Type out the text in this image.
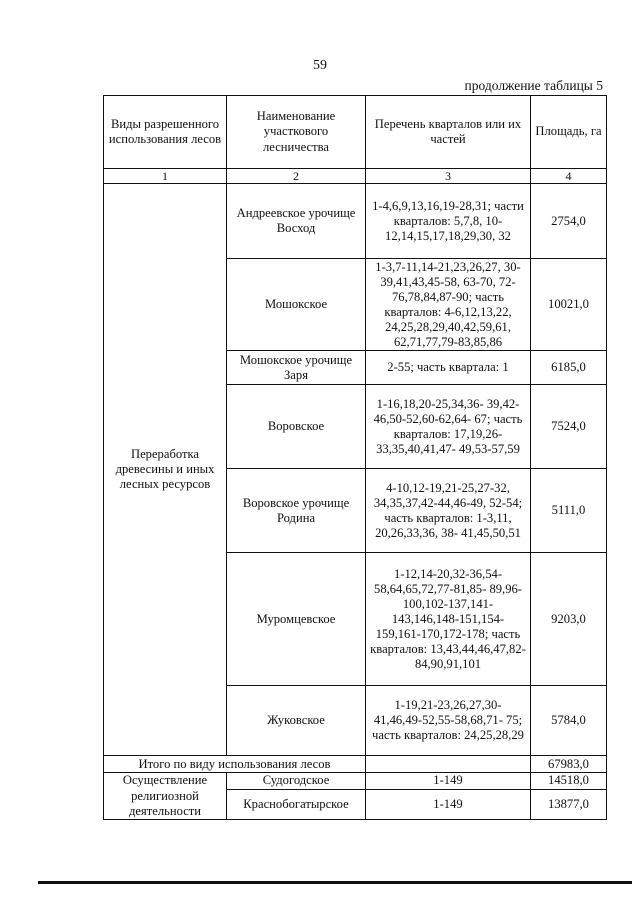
59
продолжение таблицы 5
Виды разрешенного использования лесов	Наименование участкового лесничества	Перечень кварталов или их частей	Площадь, га
1	2	3	4
Переработка древесины и иных лесных ресурсов	Андреевское урочище Восход	1-4,6,9,13,16,19-28,31; части кварталов: 5,7,8, 10-12,14,15,17,18,29,30, 32	2754,0
	Мошокское	1-3,7-11,14-21,23,26,27, 30-39,41,43,45-58, 63-70, 72-76,78,84,87-90; часть кварталов: 4-6,12,13,22, 24,25,28,29,40,42,59,61, 62,71,77,79-83,85,86	10021,0
	Мошокское урочище Заря	2-55; часть квартала: 1	6185,0
	Воровское	1-16,18,20-25,34,36- 39,42-46,50-52,60-62,64- 67; часть кварталов: 17,19,26-33,35,40,41,47- 49,53-57,59	7524,0
	Воровское урочище Родина	4-10,12-19,21-25,27-32, 34,35,37,42-44,46-49, 52-54; часть кварталов: 1-3,11, 20,26,33,36, 38- 41,45,50,51	5111,0
	Муромцевское	1-12,14-20,32-36,54- 58,64,65,72,77-81,85- 89,96-100,102-137,141- 143,146,148-151,154- 159,161-170,172-178; часть кварталов: 13,43,44,46,47,82- 84,90,91,101	9203,0
	Жуковское	1-19,21-23,26,27,30- 41,46,49-52,55-58,68,71- 75; часть кварталов: 24,25,28,29	5784,0
Итого по виду использования лесов			67983,0
Осуществление религиозной деятельности	Судогодское	1-149	14518,0
	Краснобогатырское	1-149	13877,0
